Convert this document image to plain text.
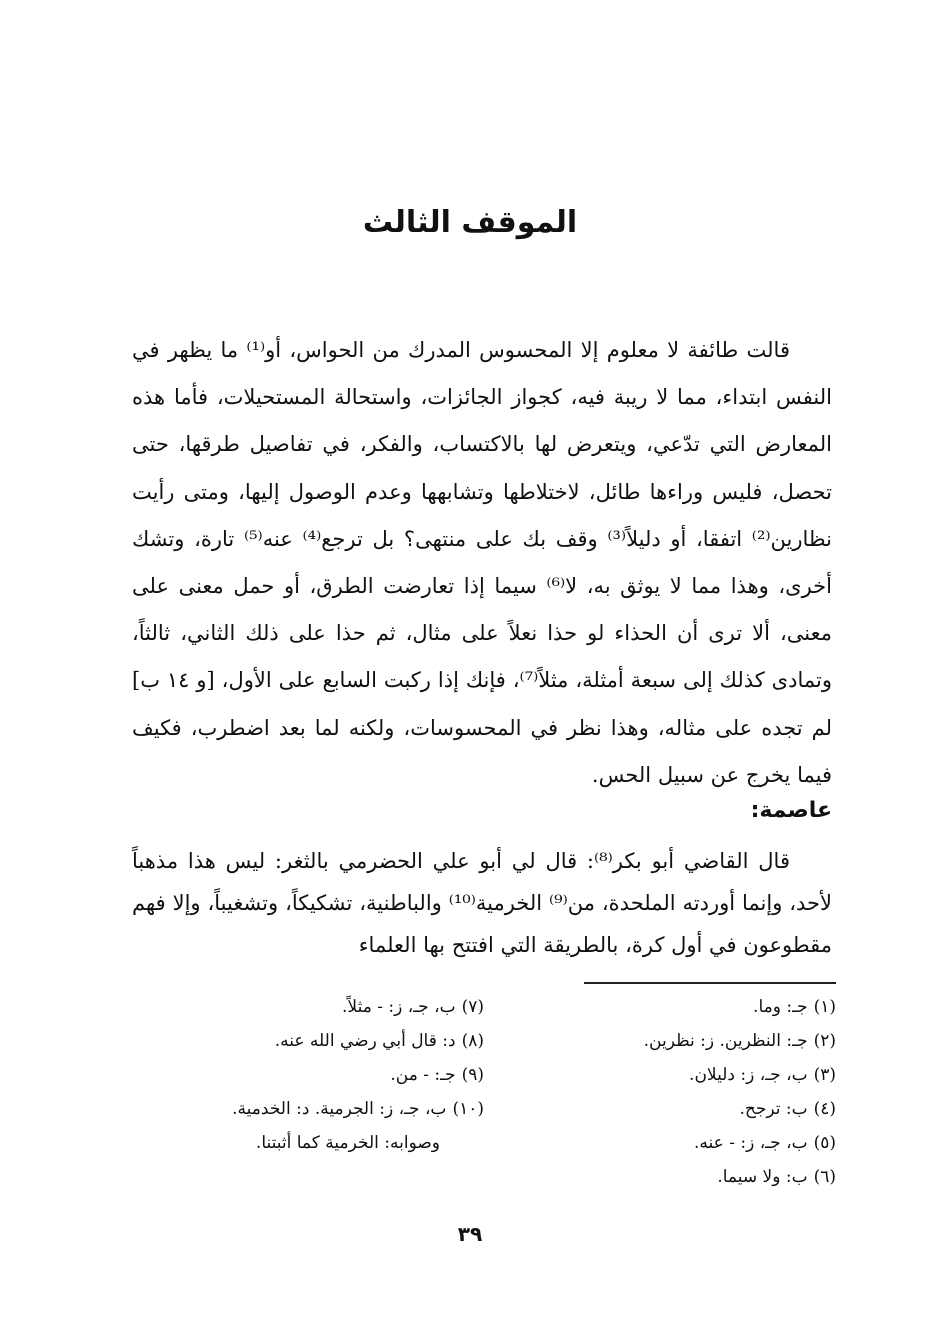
الموقف الثالث

قالت طائفة لا معلوم إلا المحسوس المدرك من الحواس، أو⁽¹⁾ ما يظهر في النفس ابتداء، مما لا ريبة فيه، كجواز الجائزات، واستحالة المستحيلات، فأما هذه المعارض التي تدّعي، ويتعرض لها بالاكتساب، والفكر، في تفاصيل طرقها، حتى تحصل، فليس وراءها طائل، لاختلاطها وتشابهها وعدم الوصول إليها، ومتى رأيت نظارين⁽²⁾ اتفقا، أو دليلاً⁽³⁾ وقف بك على منتهى؟ بل ترجع⁽⁴⁾ عنه⁽⁵⁾ تارة، وتشك أخرى، وهذا مما لا يوثق به، لا⁽⁶⁾ سيما إذا تعارضت الطرق، أو حمل معنى على معنى، ألا ترى أن الحذاء لو حذا نعلاً على مثال، ثم حذا على ذلك الثاني، ثالثاً، وتمادى كذلك إلى سبعة أمثلة، مثلاً⁽⁷⁾، فإنك إذا ركبت السابع على الأول، [و ١٤ ب] لم تجده على مثاله، وهذا نظر في المحسوسات، ولكنه لما بعد اضطرب، فكيف فيما يخرج عن سبيل الحس.

عاصمة:

قال القاضي أبو بكر⁽⁸⁾: قال لي أبو علي الحضرمي بالثغر: ليس هذا مذهباً لأحد، وإنما أوردته الملحدة، من⁽⁹⁾ الخرمية⁽¹⁰⁾ والباطنية، تشكيكاً، وتشغيباً، وإلا فهم مقطوعون في أول كرة، بالطريقة التي افتتح بها العلماء

(١)جـ: وما.
(٢)جـ: النظرين. ز: نظرين.
(٣)ب، جـ، ز: دليلان.
(٤)ب: ترجح.
(٥)ب، جـ، ز: - عنه.
(٦)ب: ولا سيما.
(٧)ب، جـ، ز: - مثلاً.
(٨)د: قال أبي رضي الله عنه.
(٩)جـ: - من.
(١٠)ب، جـ، ز: الجرمية. د: الخدمية.
وصوابه: الخرمية كما أثبتنا.
٣٩
